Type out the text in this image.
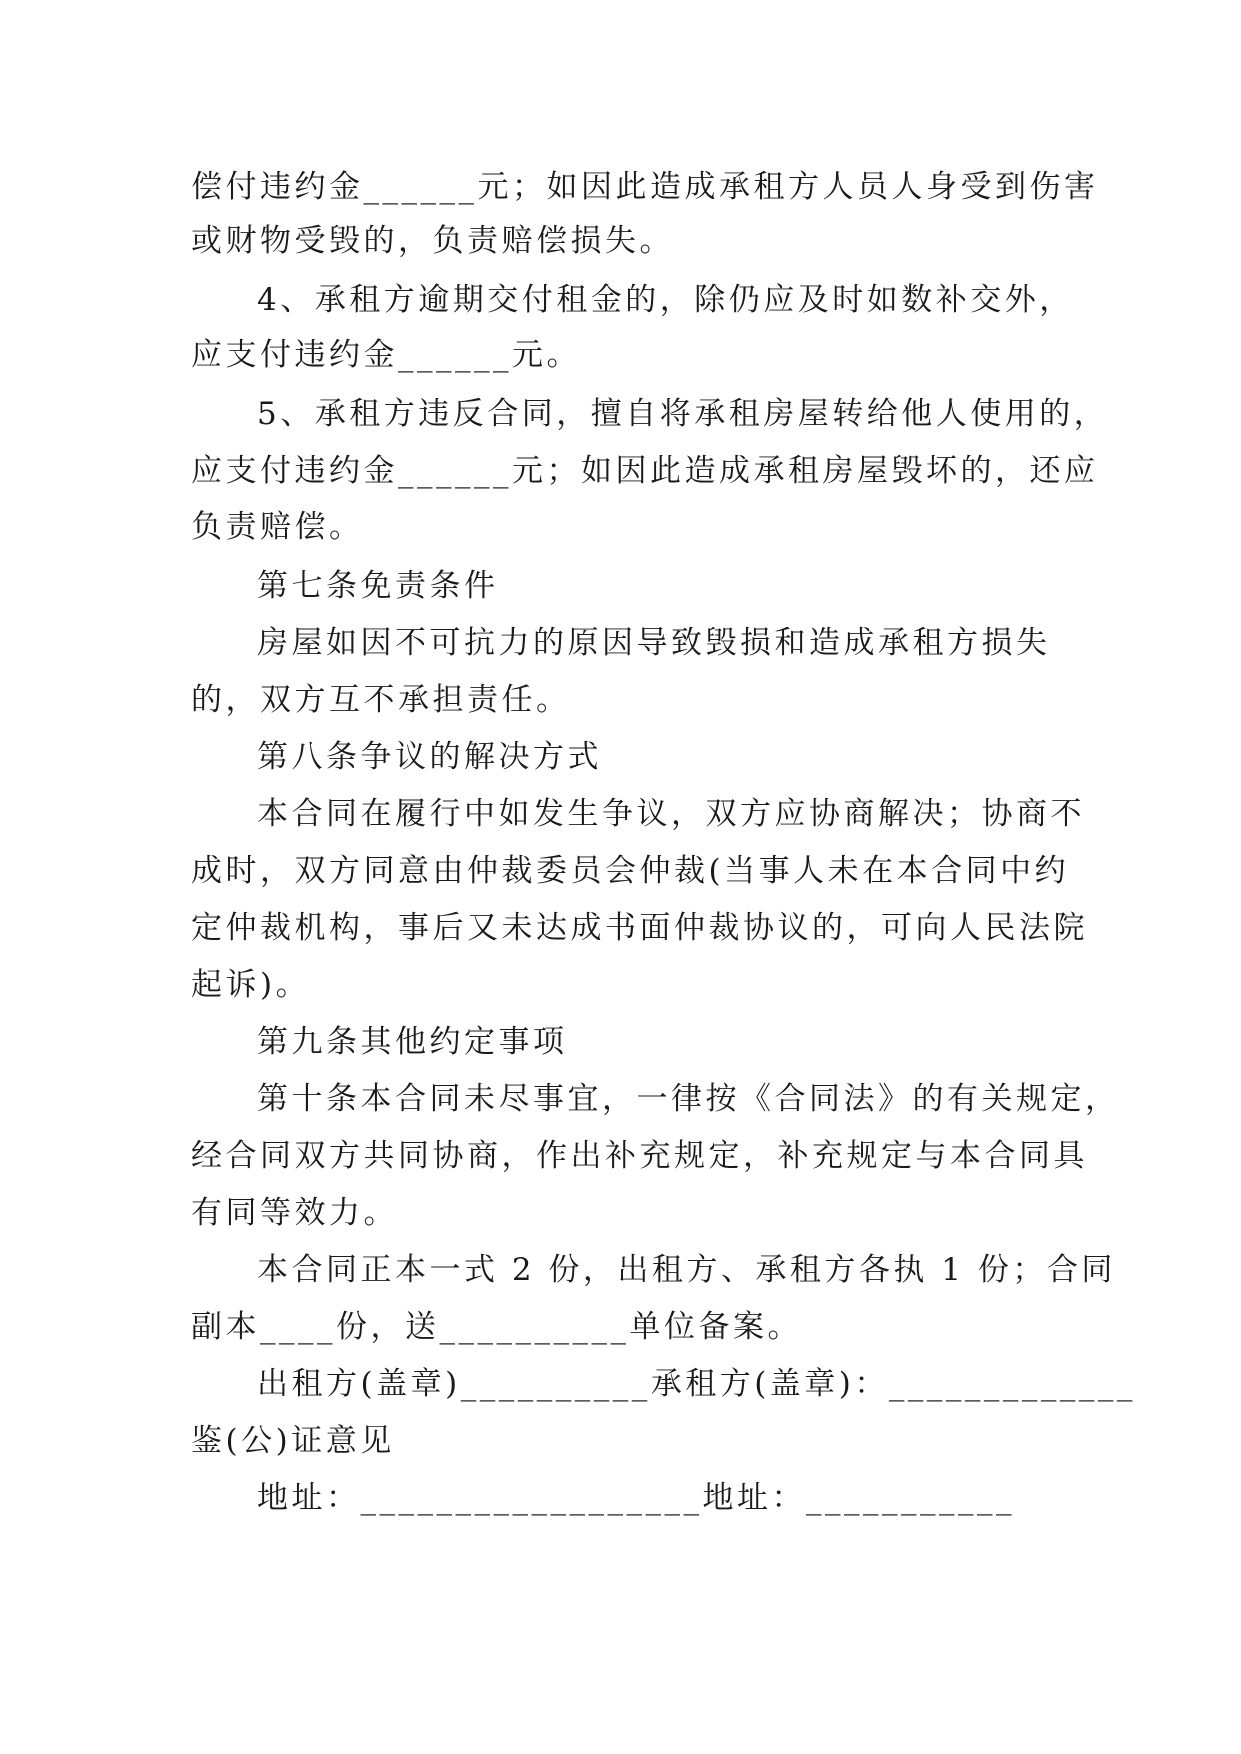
偿付违约金______元；如因此造成承租方人员人身受到伤害
或财物受毁的，负责赔偿损失。
4、承租方逾期交付租金的，除仍应及时如数补交外，
应支付违约金______元。
5、承租方违反合同，擅自将承租房屋转给他人使用的，
应支付违约金______元；如因此造成承租房屋毁坏的，还应
负责赔偿。
第七条免责条件
房屋如因不可抗力的原因导致毁损和造成承租方损失
的，双方互不承担责任。
第八条争议的解决方式
本合同在履行中如发生争议，双方应协商解决；协商不
成时，双方同意由仲裁委员会仲裁(当事人未在本合同中约
定仲裁机构，事后又未达成书面仲裁协议的，可向人民法院
起诉)。
第九条其他约定事项
第十条本合同未尽事宜，一律按《合同法》的有关规定，
经合同双方共同协商，作出补充规定，补充规定与本合同具
有同等效力。
本合同正本一式 2 份，出租方、承租方各执 1 份；合同
副本____份，送__________单位备案。
出租方(盖章)__________承租方(盖章)：_____________
鉴(公)证意见
地址：__________________地址：___________
